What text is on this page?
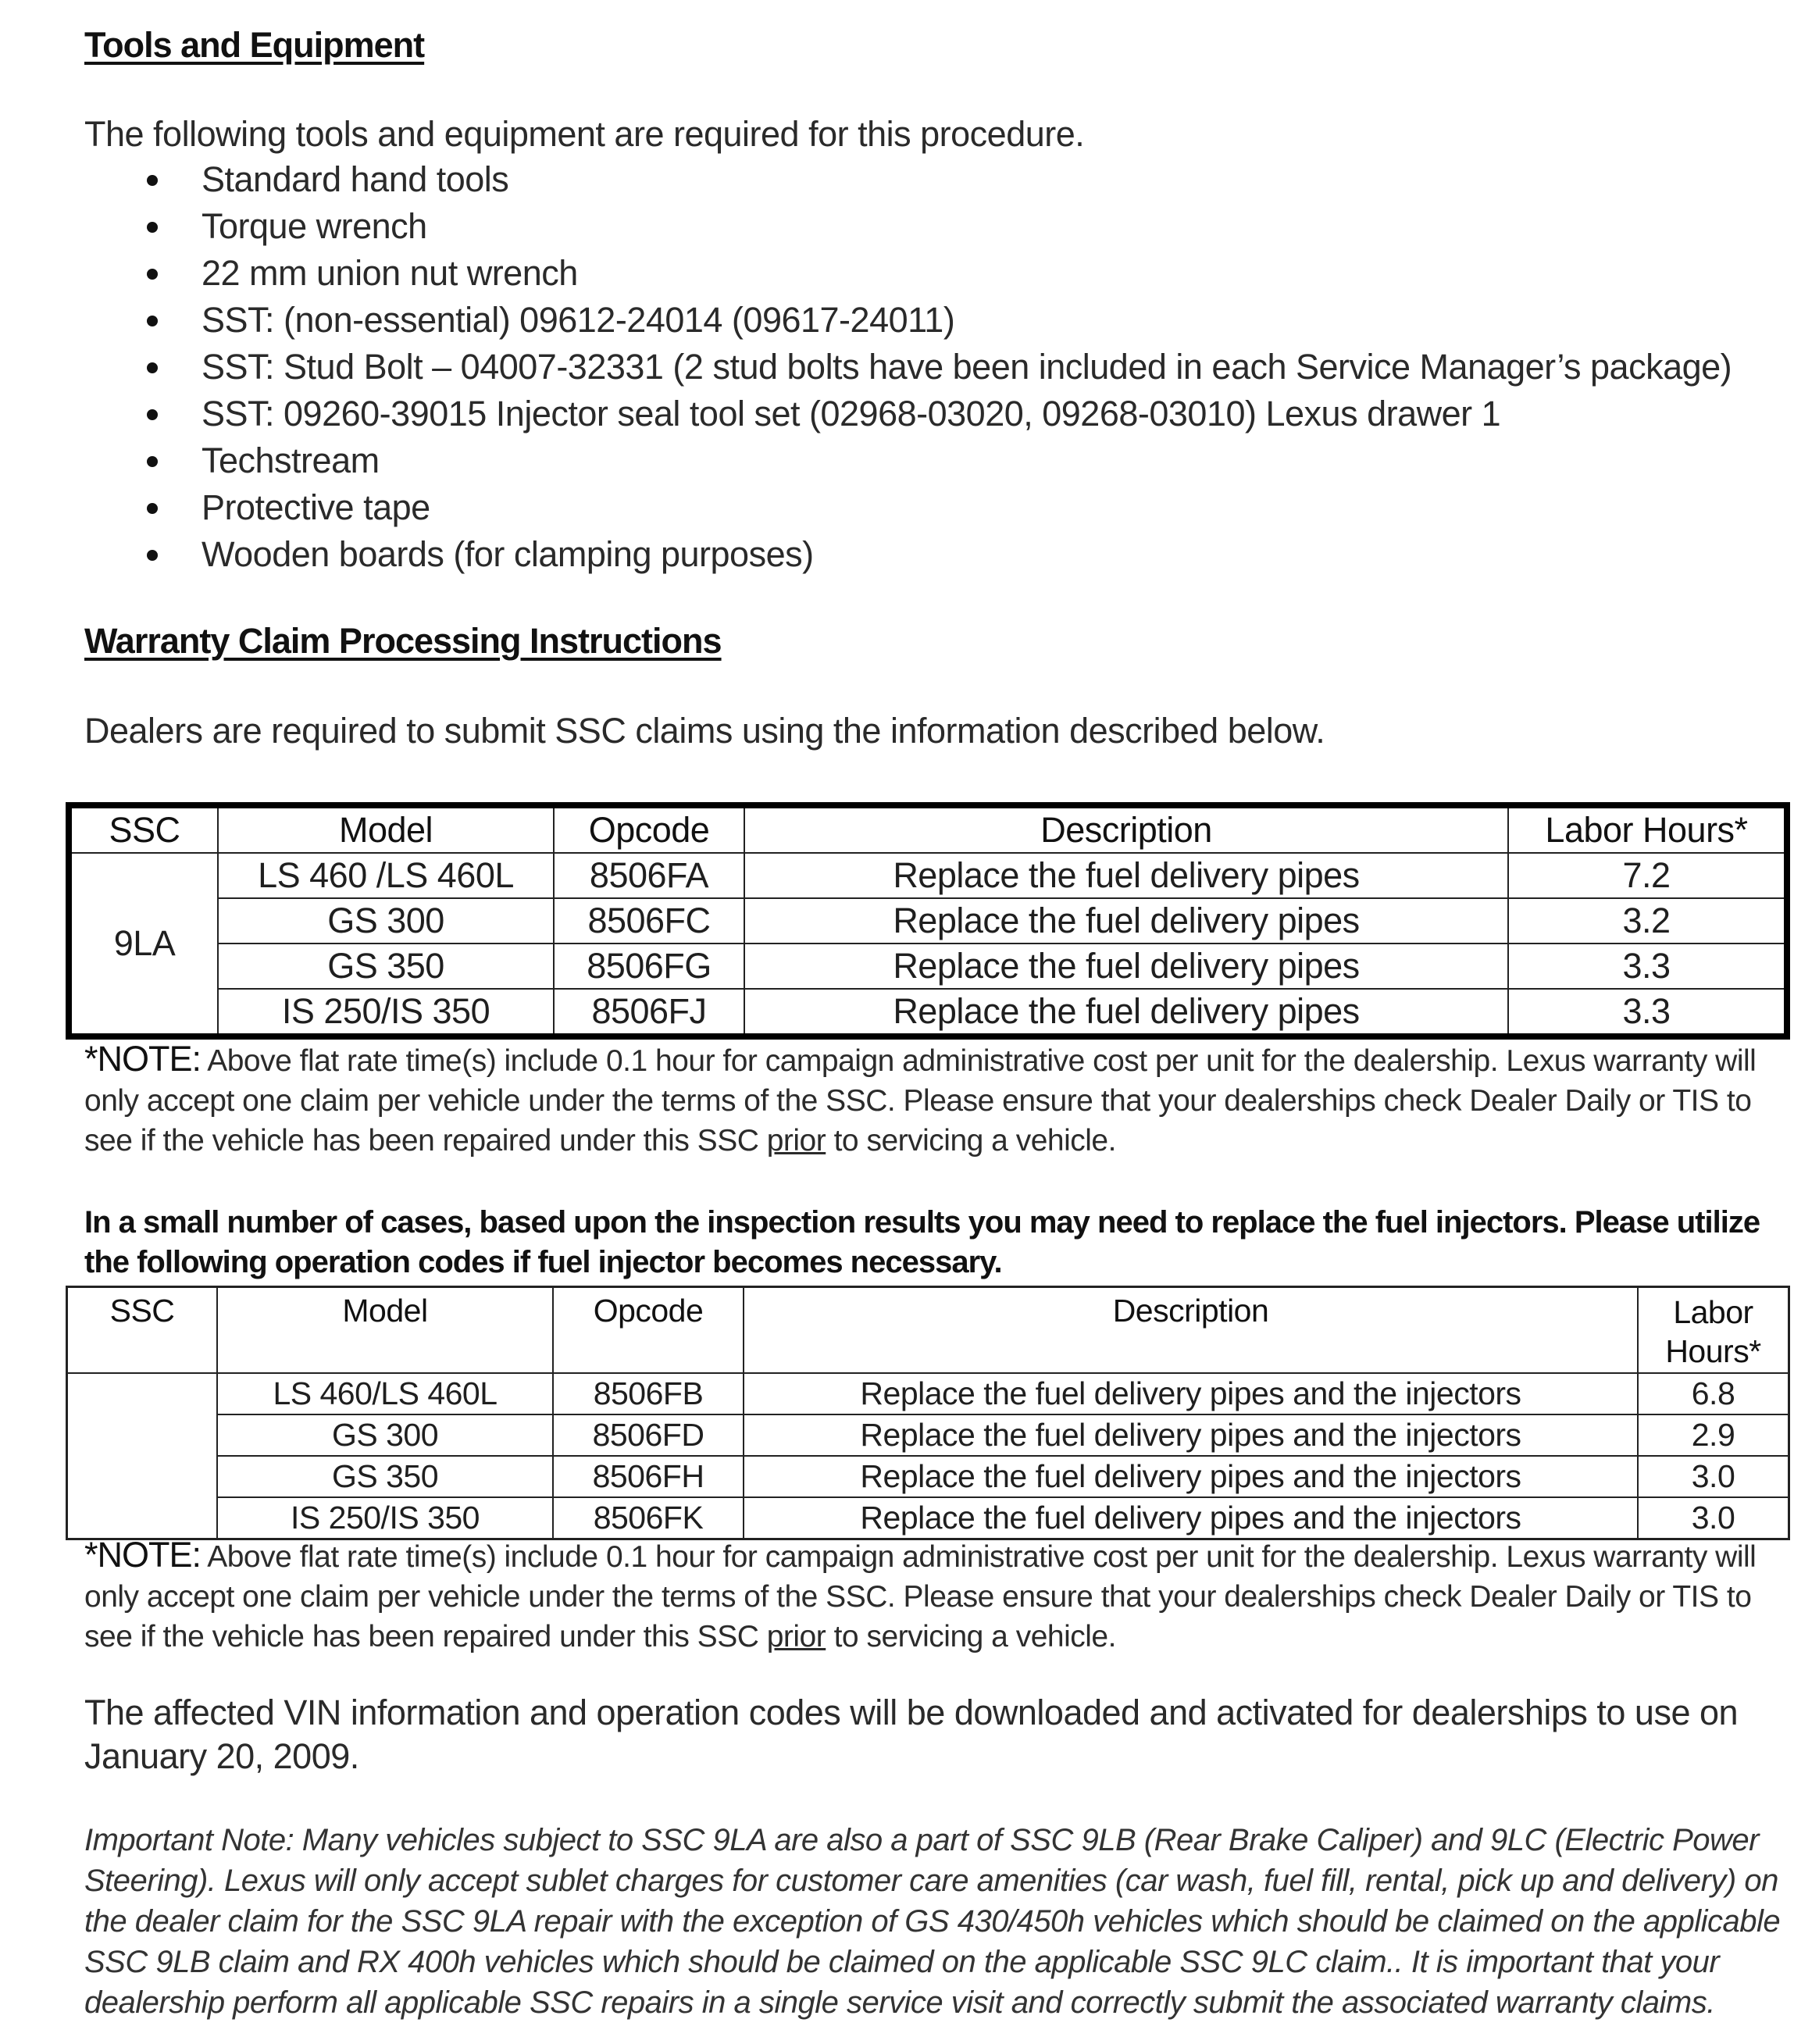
Tools and Equipment

The following tools and equipment are required for this procedure.

Standard hand tools
Torque wrench
22 mm union nut wrench
SST: (non-essential) 09612-24014 (09617-24011)
SST: Stud Bolt – 04007-32331 (2 stud bolts have been included in each Service Manager’s package)
SST: 09260-39015 Injector seal tool set (02968-03020, 09268-03010) Lexus drawer 1
Techstream
Protective tape
Wooden boards (for clamping purposes)
Warranty Claim Processing Instructions

Dealers are required to submit SSC claims using the information described below.

SSC	Model	Opcode	Description	Labor Hours*
9LA	LS 460 /LS 460L	8506FA	Replace the fuel delivery pipes	7.2
	GS 300	8506FC	Replace the fuel delivery pipes	3.2
	GS 350	8506FG	Replace the fuel delivery pipes	3.3
	IS 250/IS 350	8506FJ	Replace the fuel delivery pipes	3.3

*NOTE: Above flat rate time(s) include 0.1 hour for campaign administrative cost per unit for the dealership. Lexus warranty will only accept one claim per vehicle under the terms of the SSC. Please ensure that your dealerships check Dealer Daily or TIS to see if the vehicle has been repaired under this SSC prior to servicing a vehicle.

In a small number of cases, based upon the inspection results you may need to replace the fuel injectors. Please utilize the following operation codes if fuel injector becomes necessary.

SSC	Model	Opcode	Description	Labor
Hours*
	LS 460/LS 460L	8506FB	Replace the fuel delivery pipes and the injectors	6.8
	GS 300	8506FD	Replace the fuel delivery pipes and the injectors	2.9
	GS 350	8506FH	Replace the fuel delivery pipes and the injectors	3.0
	IS 250/IS 350	8506FK	Replace the fuel delivery pipes and the injectors	3.0

*NOTE: Above flat rate time(s) include 0.1 hour for campaign administrative cost per unit for the dealership. Lexus warranty will only accept one claim per vehicle under the terms of the SSC. Please ensure that your dealerships check Dealer Daily or TIS to see if the vehicle has been repaired under this SSC prior to servicing a vehicle.

The affected VIN information and operation codes will be downloaded and activated for dealerships to use on January 20, 2009.

Important Note: Many vehicles subject to SSC 9LA are also a part of SSC 9LB (Rear Brake Caliper) and 9LC (Electric Power Steering). Lexus will only accept sublet charges for customer care amenities (car wash, fuel fill, rental, pick up and delivery) on the dealer claim for the SSC 9LA repair with the exception of GS 430/450h vehicles which should be claimed on the applicable SSC 9LB claim and RX 400h vehicles which should be claimed on the applicable SSC 9LC claim.. It is important that your dealership perform all applicable SSC repairs in a single service visit and correctly submit the associated warranty claims.
